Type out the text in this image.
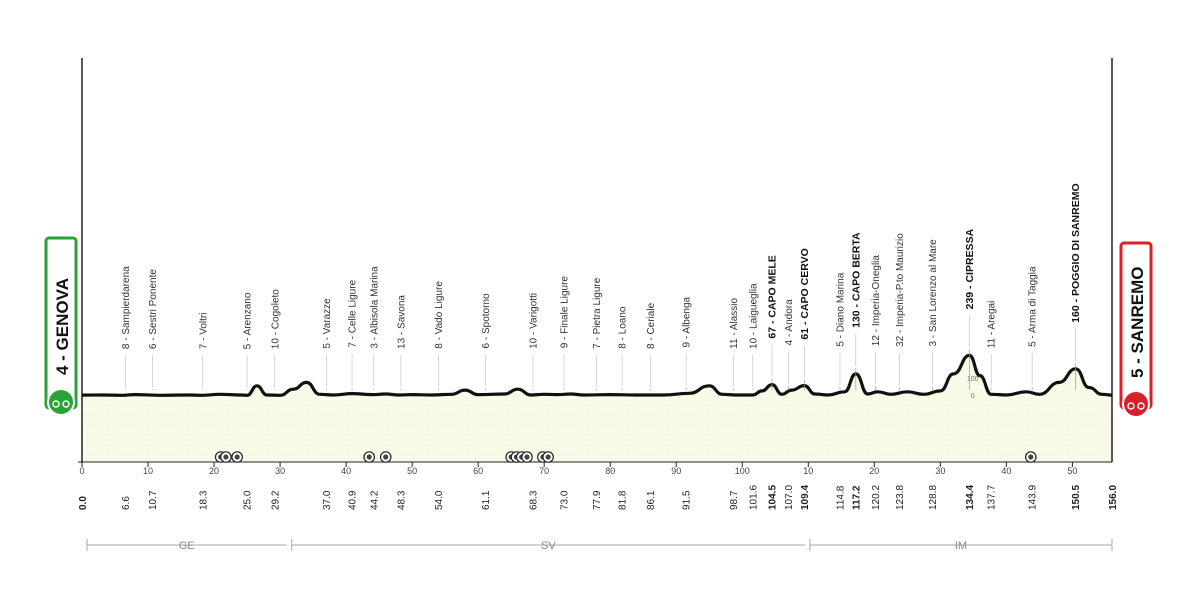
100
0
0	10	20	30	40	50	60	70	80	90	100	10	20	30	40	50
8 - Sampierdarena 6 - Sestri Ponente	7 - Voltri	5 - Arenzano 10 - Cogoleto	5 - Varazze 7 - Celle Ligure 3 - Albisola Marina 13 - Savona	8 - Vado Ligure	6 - Spotorno	10 - Varigotti 9 - Finale Ligure 7 - Pietra Ligure 8 - Loano 8 - Ceriale 9 - Albenga	11 - Alassio 10 - Laigueglia 67 - CAPO MELE 4 - Andora 61 - CAPO CERVO 5 - Diano Marina 130 - CAPO BERTA 12 - Imperia-Oneglia 32 - Imperia-P.to Maurizio 3 - San Lorenzo al Mare 239 - CIPRESSA
11 - Aregai	5 - Arma di Taggia	160 - POGGIO DI SANREMO
6.6 10.7	18.3	25.0 29.2	37.0 40.9 44.2 48.3	54.0	61.1	68.3 73.0 77.9 81.8 86.1 91.5	98.7 101.6 104.5 107.0 109.4 114.8 117.2 120.2 123.8 128.8	134.4 137.7	143.9	150.5
0.0	156.0
GE	SV	IM
4 - GENOVA	5 - SANREMO
